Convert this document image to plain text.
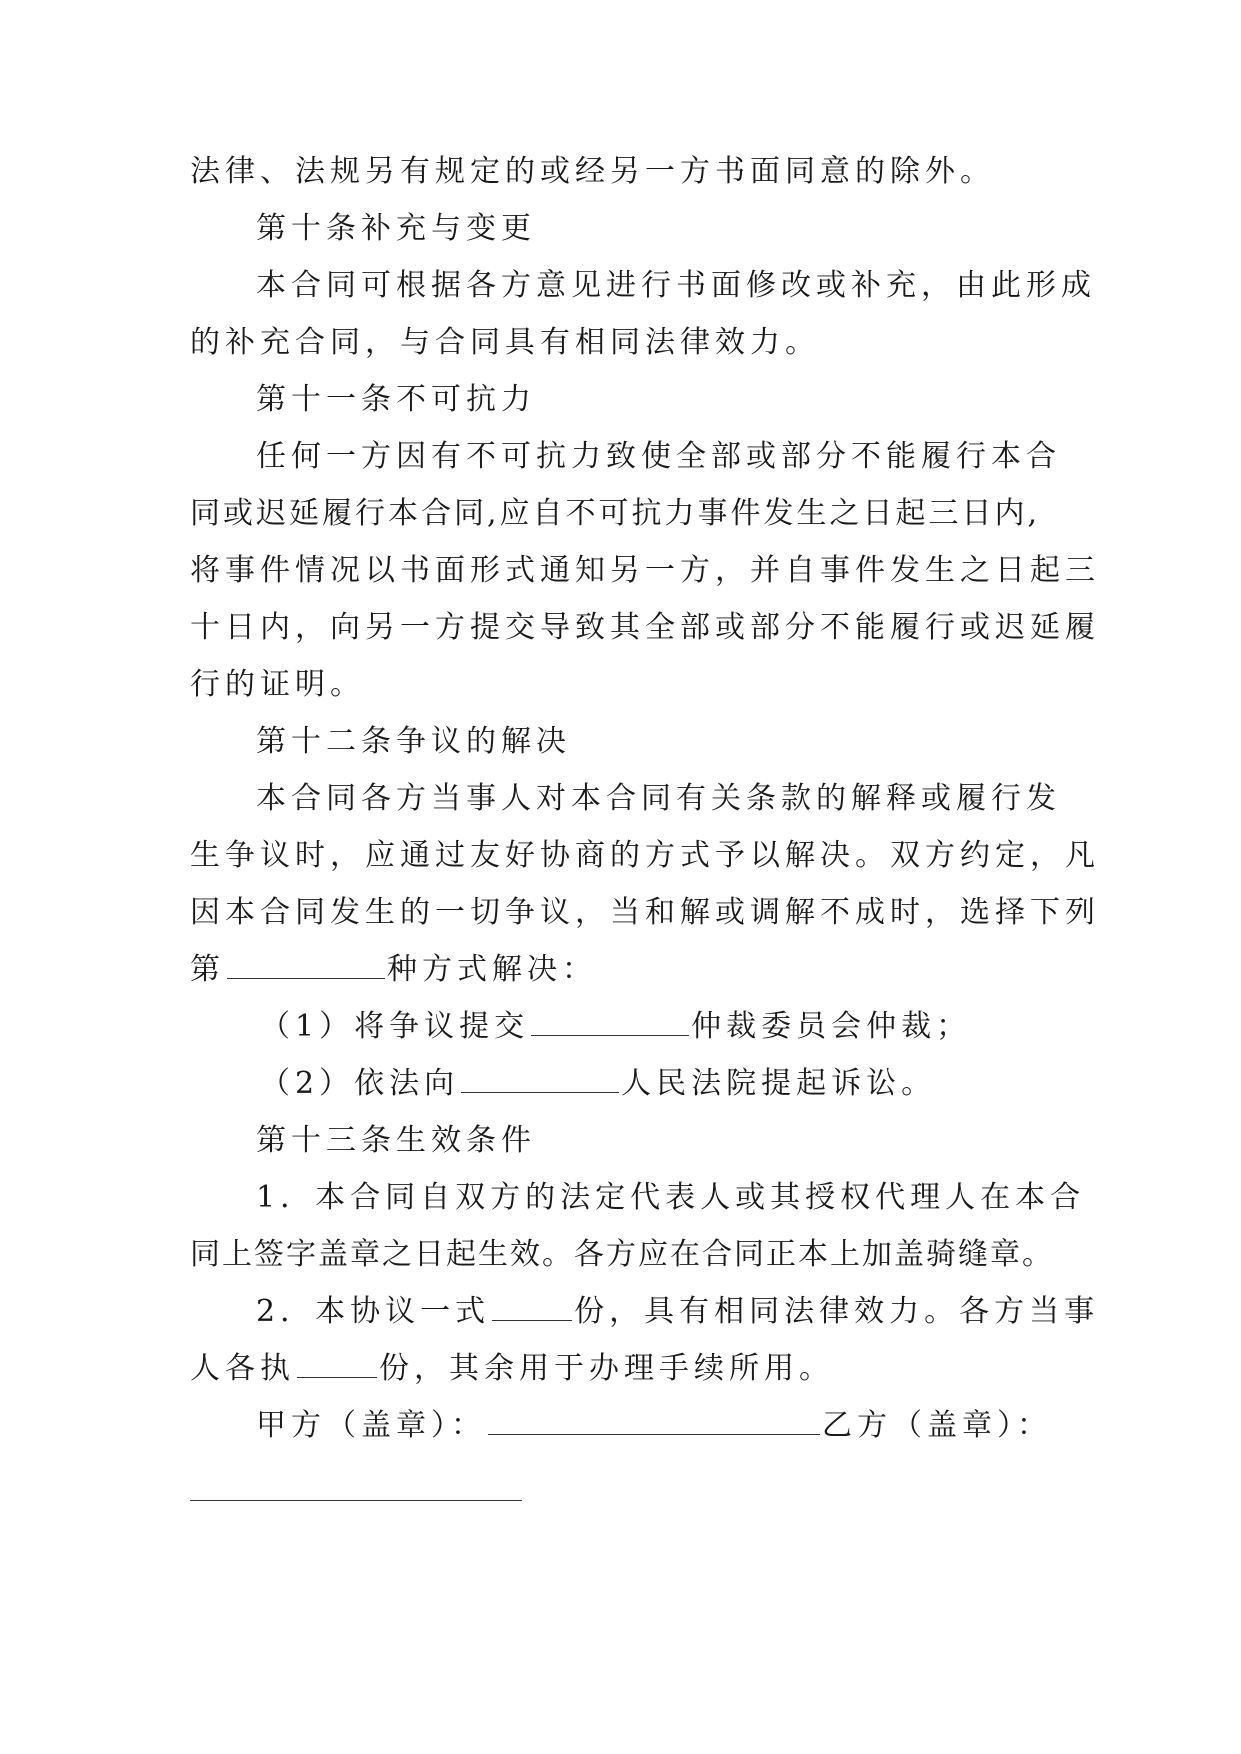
法律、法规另有规定的或经另一方书面同意的除外。
第十条补充与变更
本合同可根据各方意见进行书面修改或补充，由此形成
的补充合同，与合同具有相同法律效力。
第十一条不可抗力
任何一方因有不可抗力致使全部或部分不能履行本合
同或迟延履行本合同,应自不可抗力事件发生之日起三日内,
将事件情况以书面形式通知另一方，并自事件发生之日起三
十日内，向另一方提交导致其全部或部分不能履行或迟延履
行的证明。
第十二条争议的解决
本合同各方当事人对本合同有关条款的解释或履行发
生争议时，应通过友好协商的方式予以解决。双方约定，凡
因本合同发生的一切争议，当和解或调解不成时，选择下列
第	种方式解决：
（1）将争议提交	仲裁委员会仲裁；
（2）依法向	人民法院提起诉讼。
第十三条生效条件
1．本合同自双方的法定代表人或其授权代理人在本合
同上签字盖章之日起生效。各方应在合同正本上加盖骑缝章。
2．本协议一式	份，具有相同法律效力。各方当事
人各执	份，其余用于办理手续所用。
甲方（盖章）：	乙方（盖章）：
